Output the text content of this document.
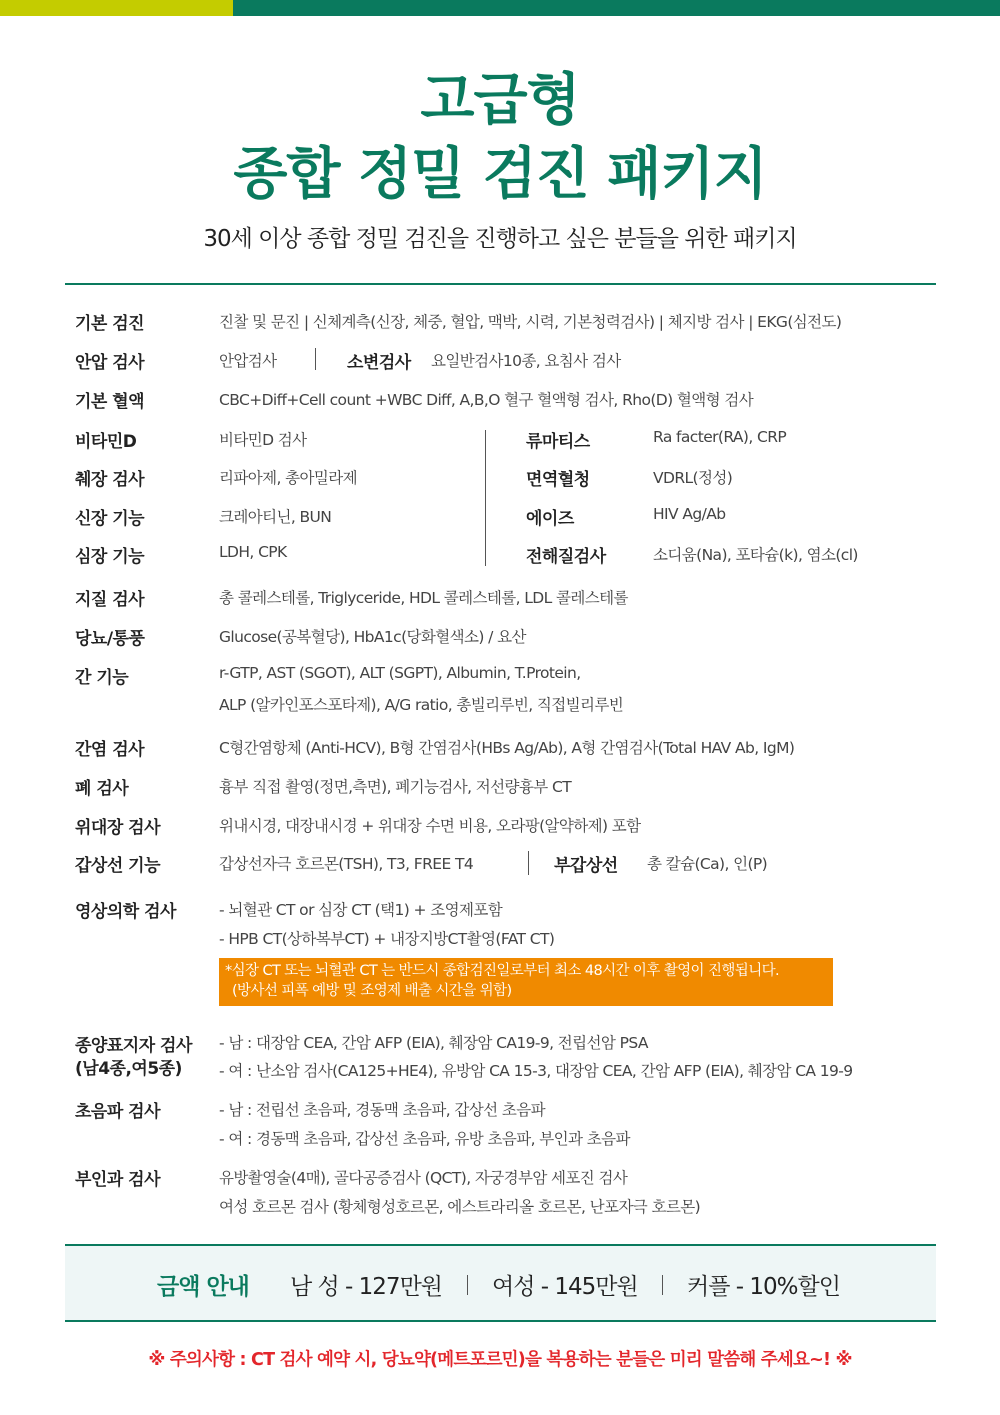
고급형
종합 정밀 검진 패키지
30세 이상 종합 정밀 검진을 진행하고 싶은 분들을 위한 패키지
기본 검진	진찰 및 문진 | 신체계측(신장, 체중, 혈압, 맥박, 시력, 기본청력검사) | 체지방 검사 | EKG(심전도)
안압 검사	안압검사	소변검사 요일반검사10종, 요침사 검사
기본 혈액	CBC+Diff+Cell count +WBC Diff, A,B,O 혈구 혈액형 검사, Rho(D) 혈액형 검사
비타민D	비타민D 검사	류마티스	Ra facter(RA), CRP
췌장 검사	리파아제, 총아밀라제	면역혈청	VDRL(정성)
신장 기능	크레아티닌, BUN	에이즈	HIV Ag/Ab
심장 기능	LDH, CPK	전해질검사	소디움(Na), 포타슘(k), 염소(cl)
지질 검사	총 콜레스테롤, Triglyceride, HDL 콜레스테롤, LDL 콜레스테롤
당뇨/통풍	Glucose(공복혈당), HbA1c(당화혈색소) / 요산
간 기능	r-GTP, AST (SGOT), ALT (SGPT), Albumin, T.Protein,
ALP (알카인포스포타제), A/G ratio, 총빌리루빈, 직접빌리루빈
간염 검사	C형간염항체 (Anti-HCV), B형 간염검사(HBs Ag/Ab), A형 간염검사(Total HAV Ab, IgM)
폐 검사	흉부 직접 촬영(정면,측면), 폐기능검사, 저선량흉부 CT
위대장 검사	위내시경, 대장내시경 + 위대장 수면 비용, 오라팡(알약하제) 포함
갑상선 기능	갑상선자극 호르몬(TSH), T3, FREE T4	부갑상선 총 칼슘(Ca), 인(P)
영상의학 검사	- 뇌혈관 CT or 심장 CT (택1) + 조영제포함
- HPB CT(상하복부CT) + 내장지방CT촬영(FAT CT)
*심장 CT 또는 뇌혈관 CT 는 반드시 종합검진일로부터 최소 48시간 이후 촬영이 진행됩니다.
(방사선 피폭 예방 및 조영제 배출 시간을 위함)
종양표지자 검사
(남4종,여5종)
- 남 : 대장암 CEA, 간암 AFP (EIA), 췌장암 CA19-9, 전립선암 PSA
- 여 : 난소암 검사(CA125+HE4), 유방암 CA 15-3, 대장암 CEA, 간암 AFP (EIA), 췌장암 CA 19-9
초음파 검사	- 남 : 전립선 초음파, 경동맥 초음파, 갑상선 초음파
- 여 : 경동맥 초음파, 갑상선 초음파, 유방 초음파, 부인과 초음파
부인과 검사	유방촬영술(4매), 골다공증검사 (QCT), 자궁경부암 세포진 검사
여성 호르몬 검사 (황체형성호르몬, 에스트라리올 호르몬, 난포자극 호르몬)
금액 안내 남 성 - 127만원 여성 - 145만원 커플 - 10%할인
※ 주의사항 : CT 검사 예약 시, 당뇨약(메트포르민)을 복용하는 분들은 미리 말씀해 주세요~! ※
